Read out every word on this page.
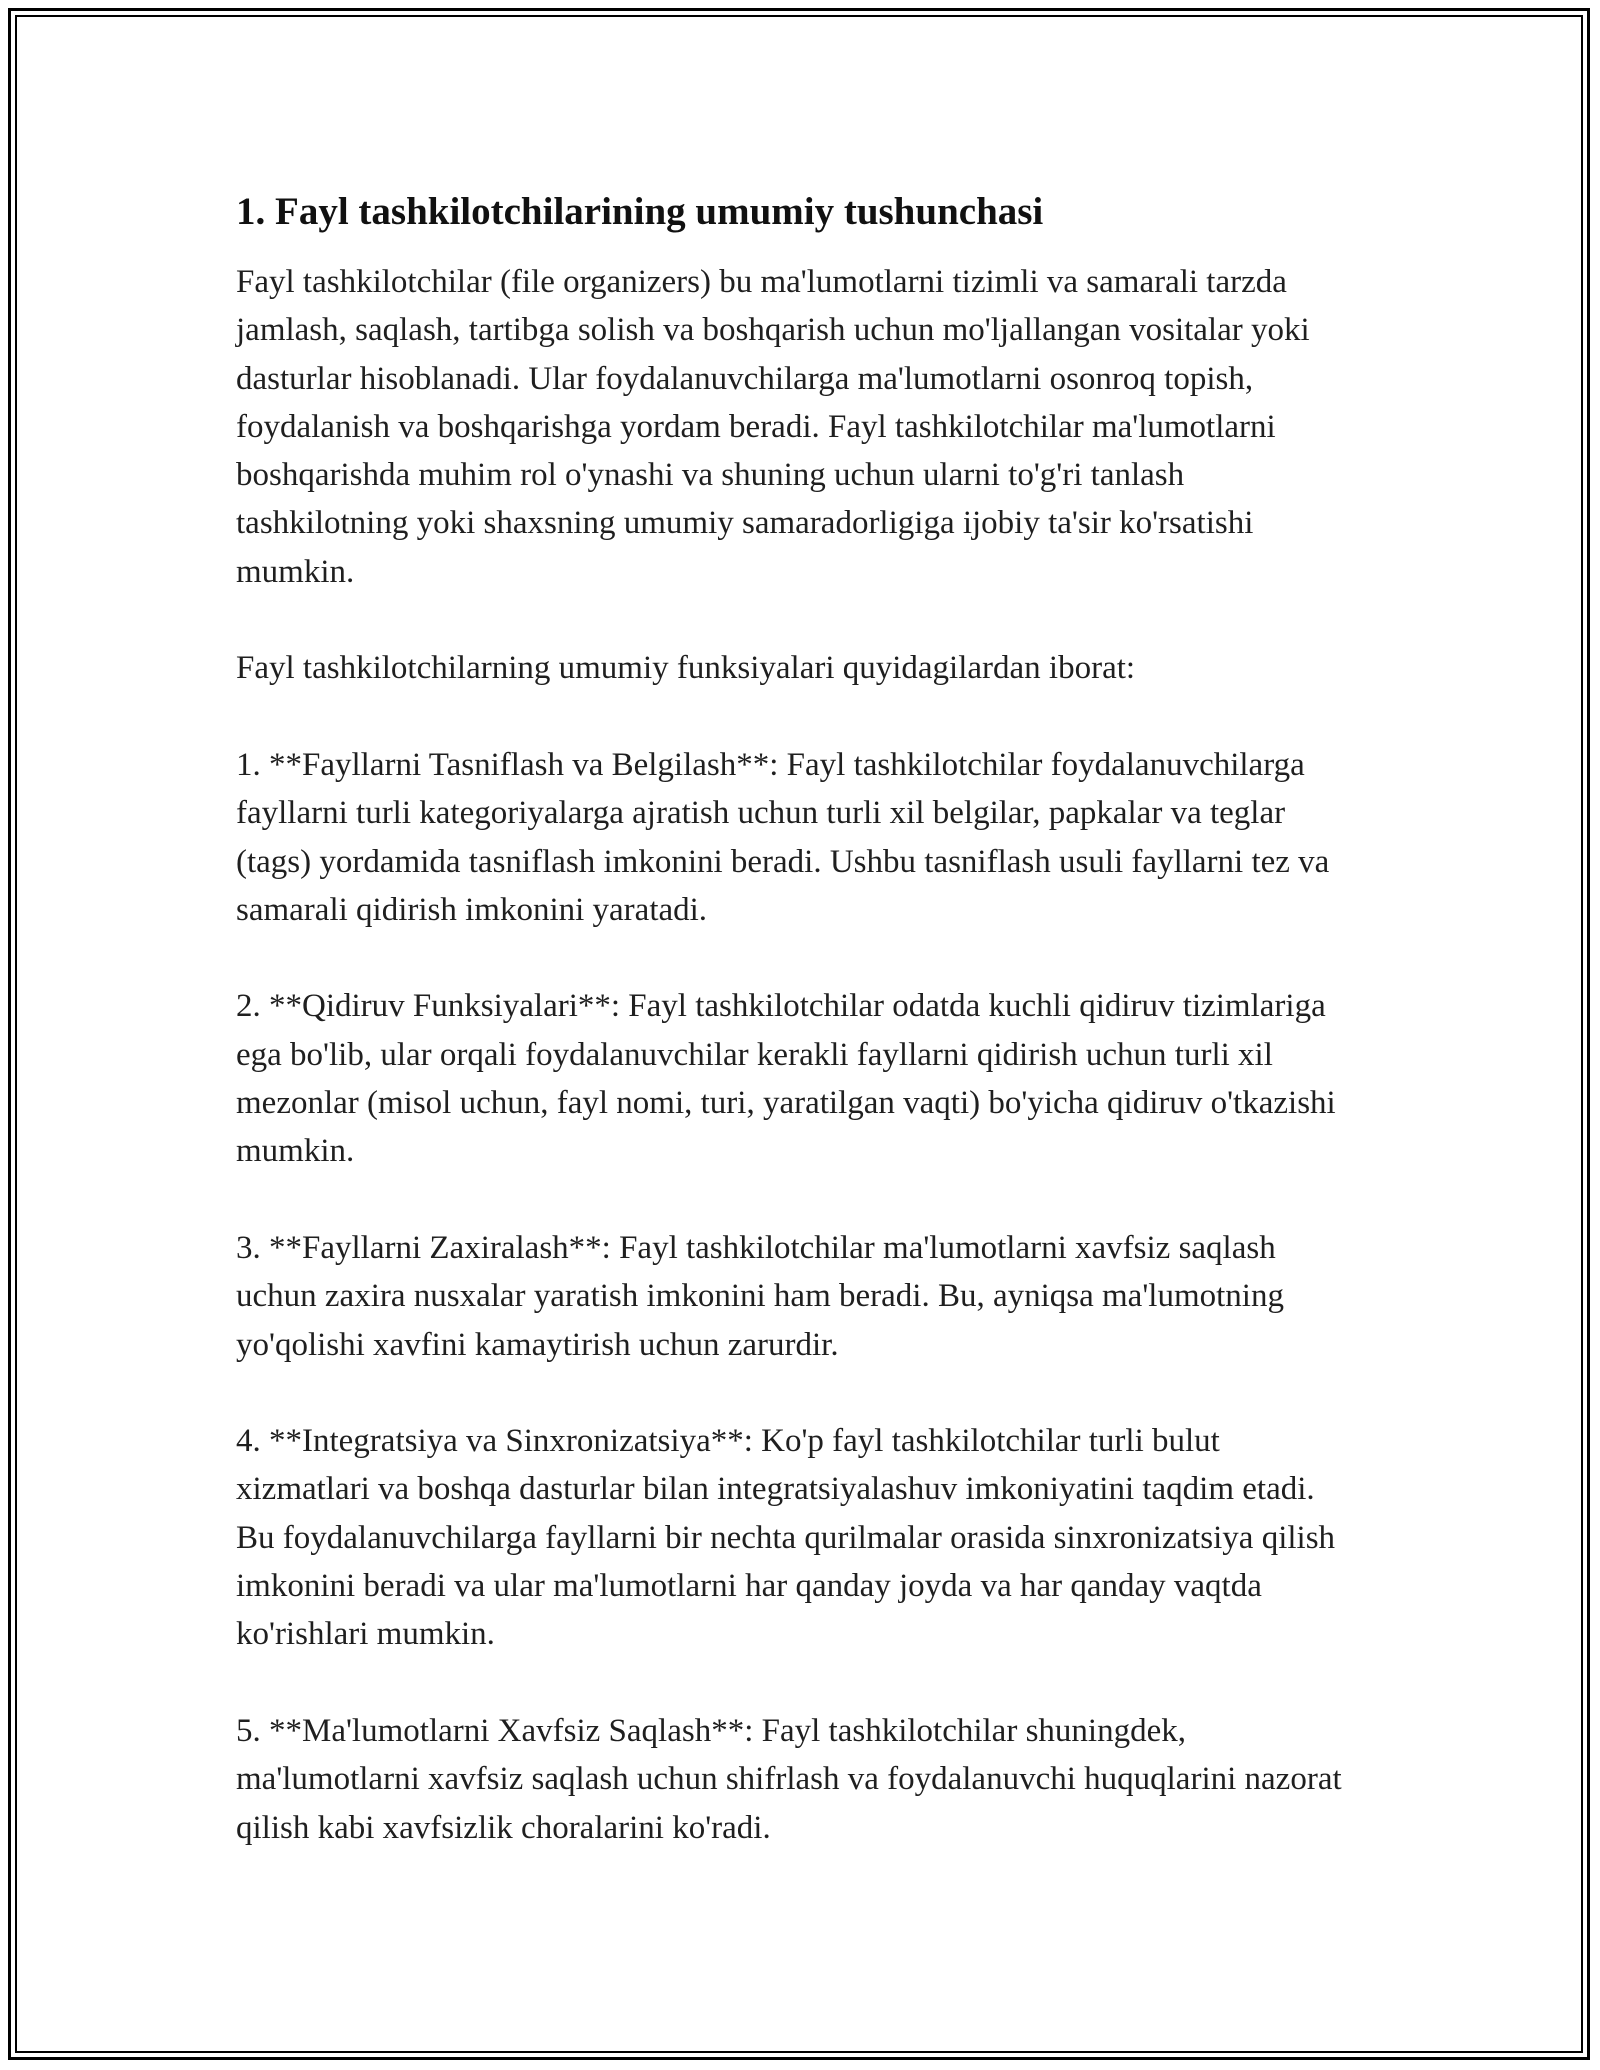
1. Fayl tashkilotchilarining umumiy tushunchasi

Fayl tashkilotchilar (file organizers) bu ma'lumotlarni tizimli va samarali tarzda jamlash, saqlash, tartibga solish va boshqarish uchun mo'ljallangan vositalar yoki dasturlar hisoblanadi. Ular foydalanuvchilarga ma'lumotlarni osonroq topish, foydalanish va boshqarishga yordam beradi. Fayl tashkilotchilar ma'lumotlarni boshqarishda muhim rol o'ynashi va shuning uchun ularni to'g'ri tanlash tashkilotning yoki shaxsning umumiy samaradorligiga ijobiy ta'sir ko'rsatishi mumkin.

Fayl tashkilotchilarning umumiy funksiyalari quyidagilardan iborat:

1. **Fayllarni Tasniflash va Belgilash**: Fayl tashkilotchilar foydalanuvchilarga fayllarni turli kategoriyalarga ajratish uchun turli xil belgilar, papkalar va teglar (tags) yordamida tasniflash imkonini beradi. Ushbu tasniflash usuli fayllarni tez va samarali qidirish imkonini yaratadi.

2. **Qidiruv Funksiyalari**: Fayl tashkilotchilar odatda kuchli qidiruv tizimlariga ega bo'lib, ular orqali foydalanuvchilar kerakli fayllarni qidirish uchun turli xil mezonlar (misol uchun, fayl nomi, turi, yaratilgan vaqti) bo'yicha qidiruv o'tkazishi mumkin.

3. **Fayllarni Zaxiralash**: Fayl tashkilotchilar ma'lumotlarni xavfsiz saqlash uchun zaxira nusxalar yaratish imkonini ham beradi. Bu, ayniqsa ma'lumotning yo'qolishi xavfini kamaytirish uchun zarurdir.

4. **Integratsiya va Sinxronizatsiya**: Ko'p fayl tashkilotchilar turli bulut xizmatlari va boshqa dasturlar bilan integratsiyalashuv imkoniyatini taqdim etadi. Bu foydalanuvchilarga fayllarni bir nechta qurilmalar orasida sinxronizatsiya qilish imkonini beradi va ular ma'lumotlarni har qanday joyda va har qanday vaqtda ko'rishlari mumkin.

5. **Ma'lumotlarni Xavfsiz Saqlash**: Fayl tashkilotchilar shuningdek, ma'lumotlarni xavfsiz saqlash uchun shifrlash va foydalanuvchi huquqlarini nazorat qilish kabi xavfsizlik choralarini ko'radi.
